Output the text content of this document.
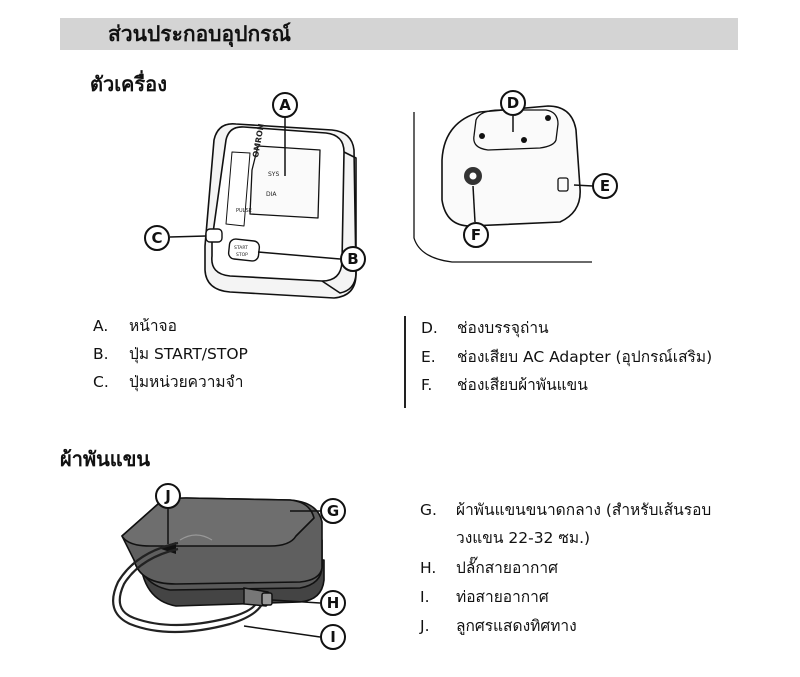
ส่วนประกอบอุปกรณ์
ตัวเครื่อง
OMRON
SYS
DIA
PULSE
START
STOP
A
C
B
D
E
F
J
G
H
I
A. หน้าจอ
B. ปุ่ม START/STOP
C. ปุ่มหน่วยความจำ
D. ช่องบรรจุถ่าน
E. ช่องเสียบ AC Adapter (อุปกรณ์เสริม)
F. ช่องเสียบผ้าพันแขน
ผ้าพันแขน
G. ผ้าพันแขนขนาดกลาง (สำหรับเส้นรอบ
วงแขน 22-32 ซม.)
H. ปลั๊กสายอากาศ
I. ท่อสายอากาศ
J. ลูกศรแสดงทิศทาง
